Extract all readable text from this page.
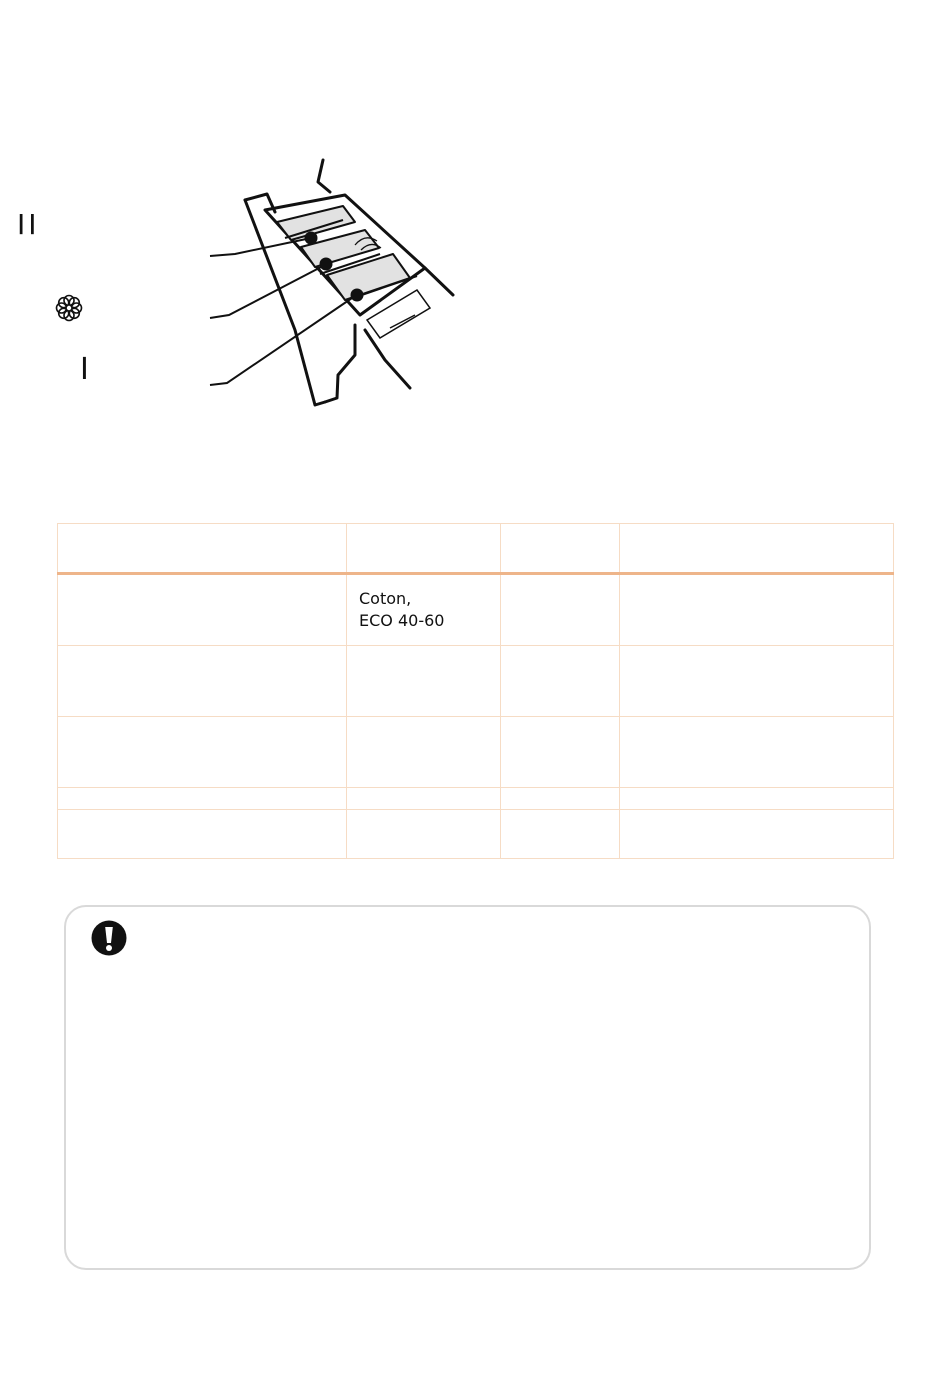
II
I

	Coton,
ECO 40-60		
